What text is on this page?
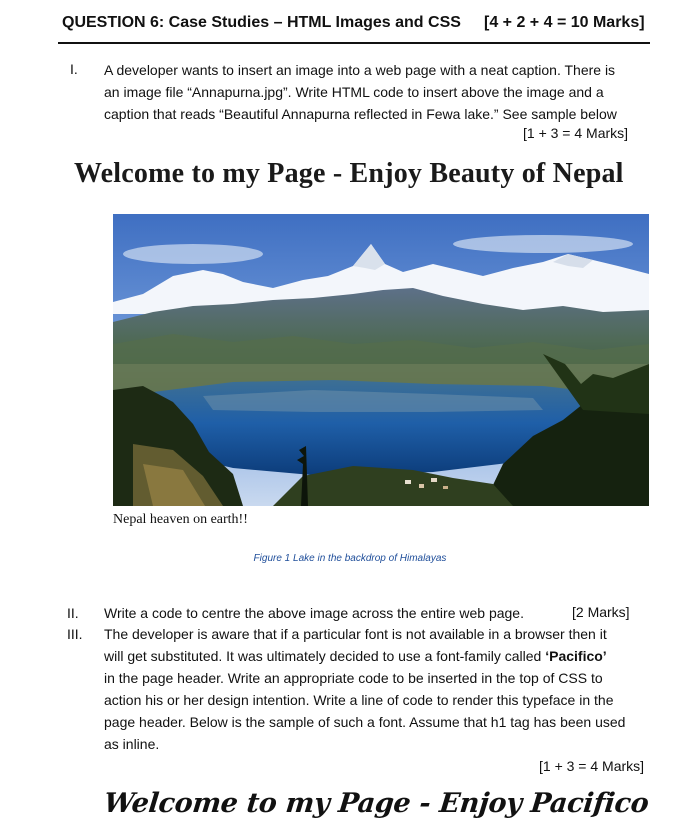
QUESTION 6: Case Studies – HTML Images and CSS [4 + 2 + 4 = 10 Marks]
I. A developer wants to insert an image into a web page with a neat caption. There is
an image file “Annapurna.jpg”. Write HTML code to insert above the image and a
caption that reads “Beautiful Annapurna reflected in Fewa lake.” See sample below
[1 + 3 = 4 Marks]
Welcome to my Page - Enjoy Beauty of Nepal
Nepal heaven on earth!!
Figure 1 Lake in the backdrop of Himalayas
II. Write a code to centre the above image across the entire web page.	[2 Marks]
III. The developer is aware that if a particular font is not available in a browser then it
will get substituted. It was ultimately decided to use a font-family called ‘Pacifico’
in the page header. Write an appropriate code to be inserted in the top of CSS to
action his or her design intention. Write a line of code to render this typeface in the
page header. Below is the sample of such a font. Assume that h1 tag has been used
as inline.
[1 + 3 = 4 Marks]
Welcome to my Page - Enjoy Pacifico
